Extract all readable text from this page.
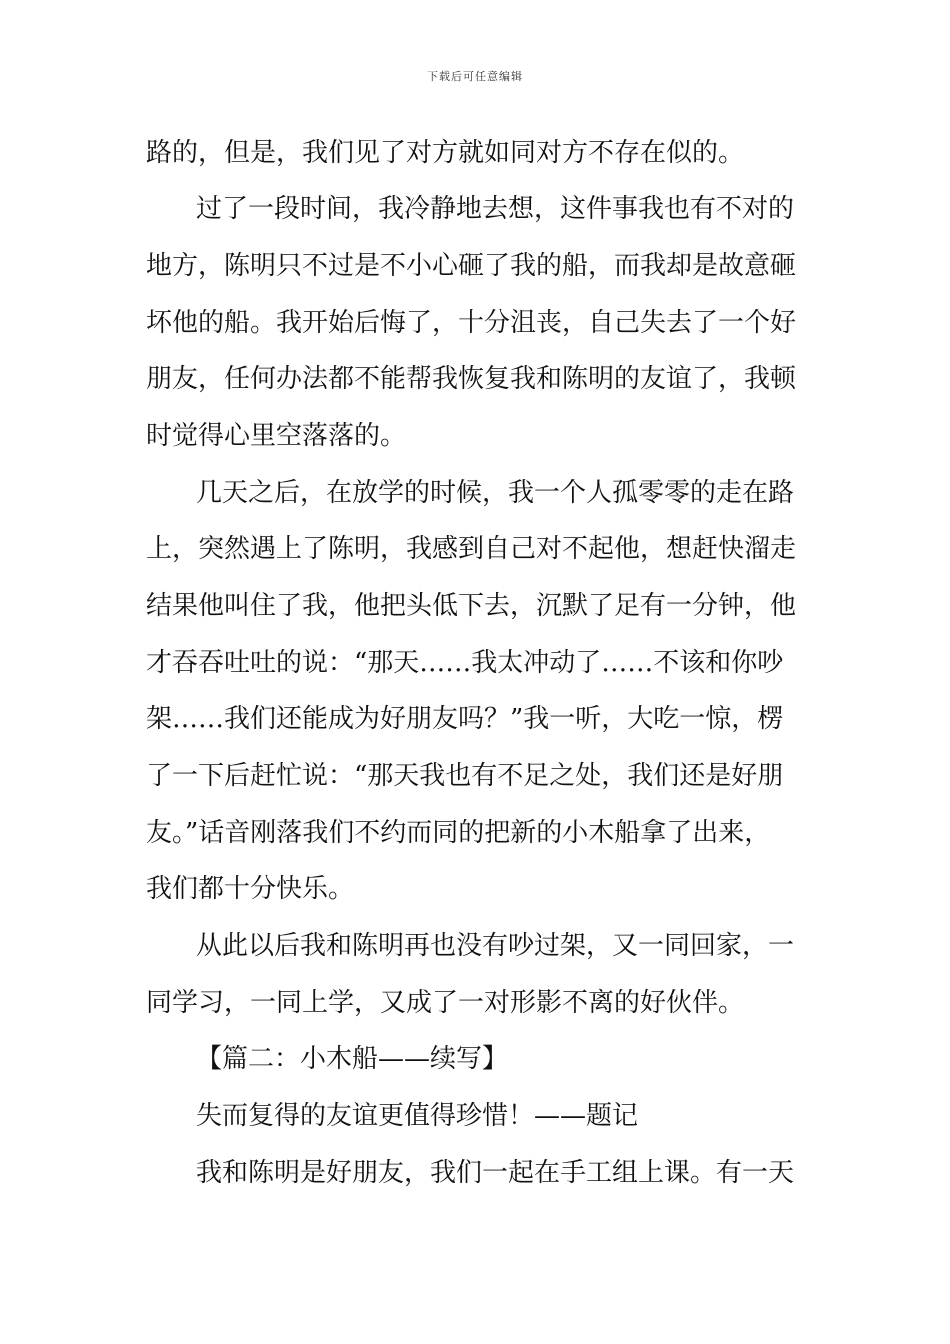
下载后可任意编辑
路的，但是，我们见了对方就如同对方不存在似的。
过了一段时间，我冷静地去想，这件事我也有不对的
地方，陈明只不过是不小心砸了我的船，而我却是故意砸
坏他的船。我开始后悔了，十分沮丧，自己失去了一个好
朋友，任何办法都不能帮我恢复我和陈明的友谊了，我顿
时觉得心里空落落的。
几天之后，在放学的时候，我一个人孤零零的走在路
上，突然遇上了陈明，我感到自己对不起他，想赶快溜走
结果他叫住了我，他把头低下去，沉默了足有一分钟，他
才吞吞吐吐的说：“那天……我太冲动了……不该和你吵
架……我们还能成为好朋友吗？”我一听，大吃一惊，楞
了一下后赶忙说：“那天我也有不足之处，我们还是好朋
友。”话音刚落我们不约而同的把新的小木船拿了出来，
我们都十分快乐。
从此以后我和陈明再也没有吵过架，又一同回家，一
同学习，一同上学，又成了一对形影不离的好伙伴。
【篇二：小木船——续写】
失而复得的友谊更值得珍惜！——题记
我和陈明是好朋友，我们一起在手工组上课。有一天
